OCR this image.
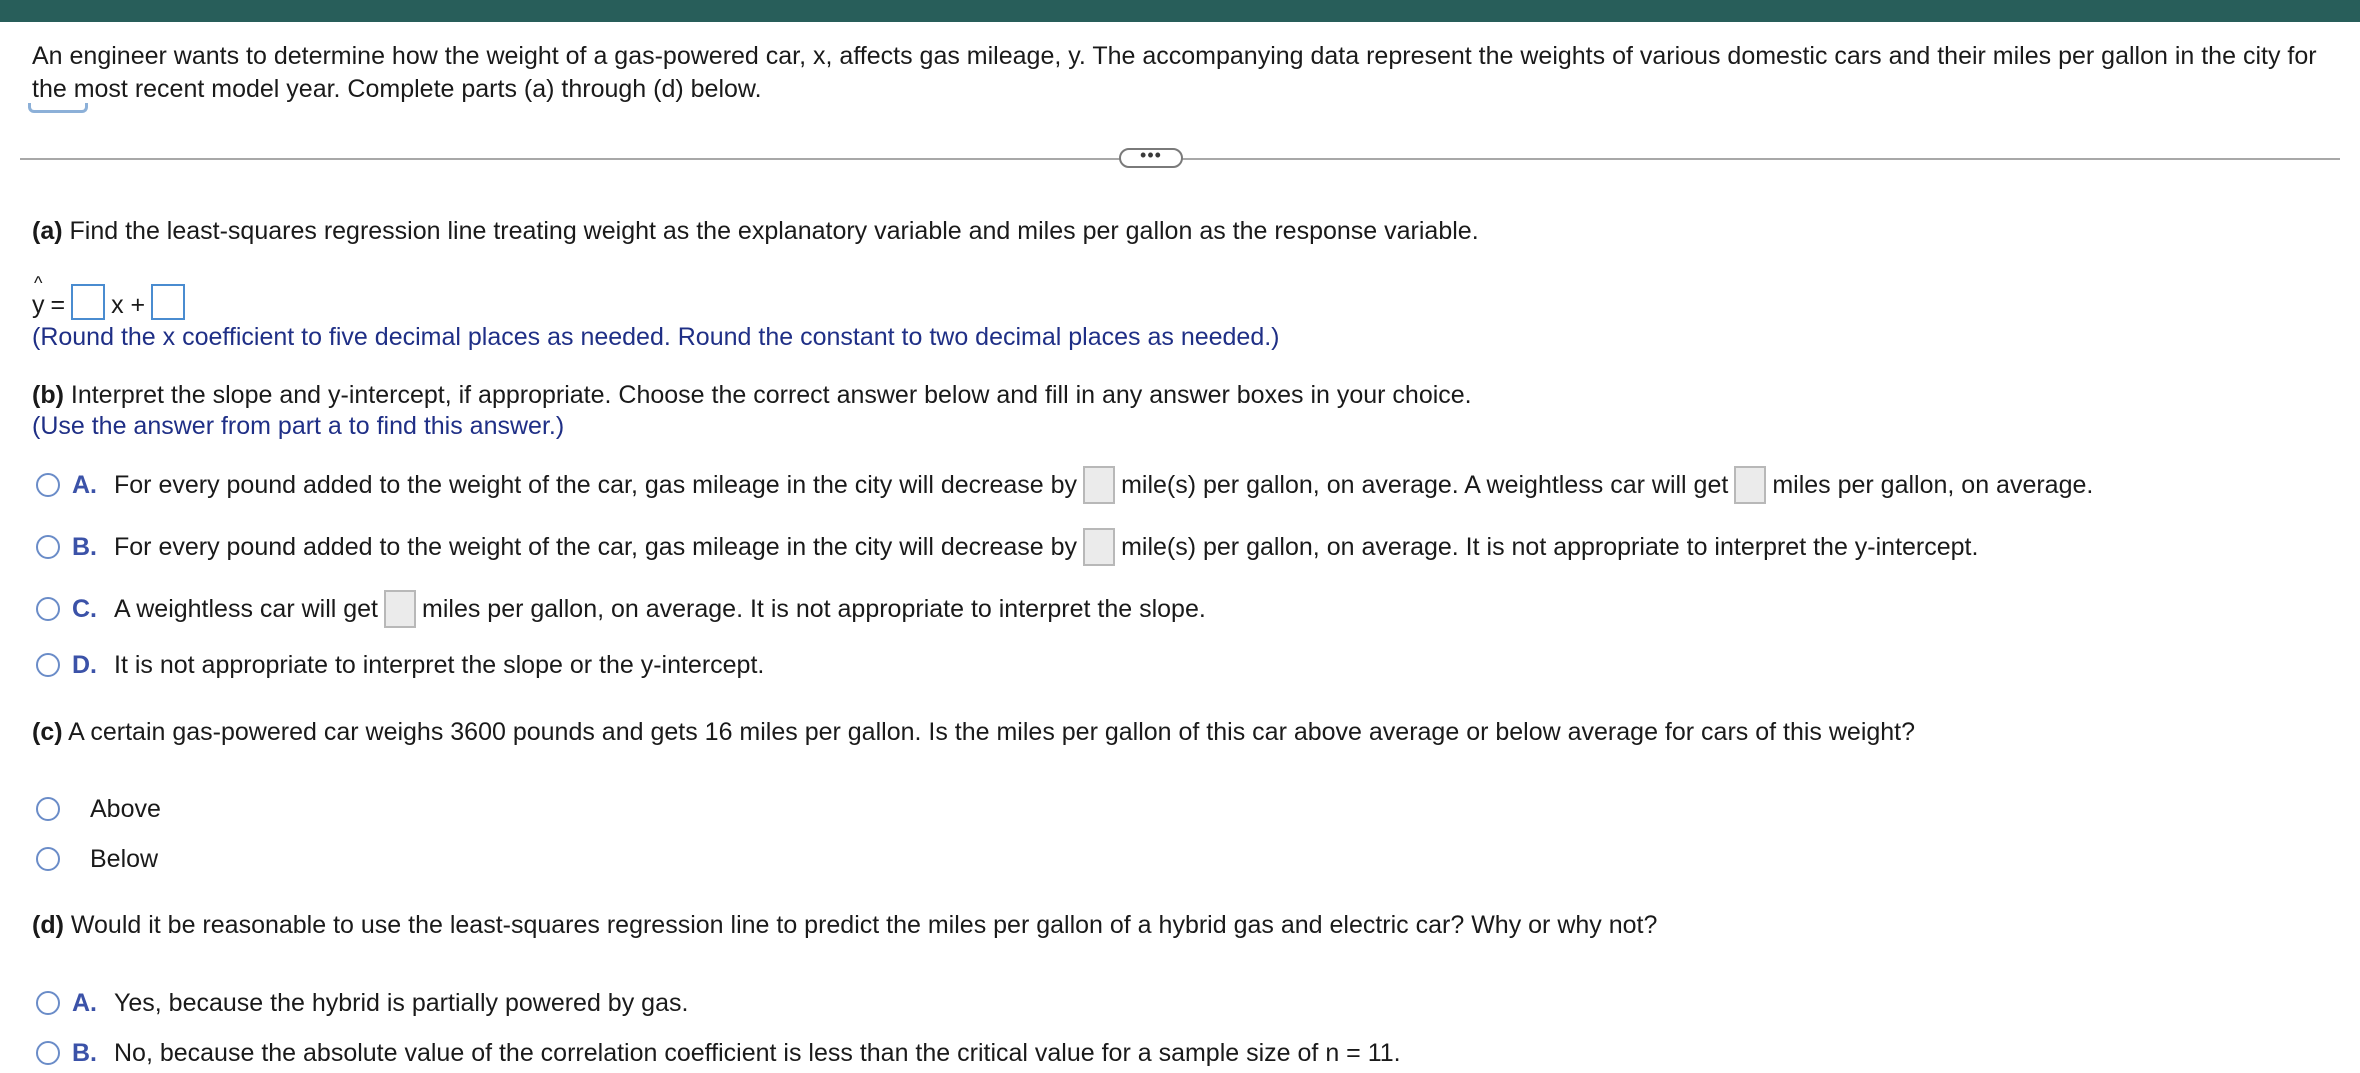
An engineer wants to determine how the weight of a gas-powered car, x, affects gas mileage, y. The accompanying data represent the weights of various domestic cars and their miles per gallon in the city for the most recent model year. Complete parts (a) through (d) below.
•••
(a) Find the least-squares regression line treating weight as the explanatory variable and miles per gallon as the response variable.
^
y = x +
(Round the x coefficient to five decimal places as needed. Round the constant to two decimal places as needed.)
(b) Interpret the slope and y-intercept, if appropriate. Choose the correct answer below and fill in any answer boxes in your choice.
(Use the answer from part a to find this answer.)
A. For every pound added to the weight of the car, gas mileage in the city will decrease by mile(s) per gallon, on average. A weightless car will get miles per gallon, on average.
B. For every pound added to the weight of the car, gas mileage in the city will decrease by mile(s) per gallon, on average. It is not appropriate to interpret the y-intercept.
C. A weightless car will get miles per gallon, on average. It is not appropriate to interpret the slope.
D. It is not appropriate to interpret the slope or the y-intercept.
(c) A certain gas-powered car weighs 3600 pounds and gets 16 miles per gallon. Is the miles per gallon of this car above average or below average for cars of this weight?
Above
Below
(d) Would it be reasonable to use the least-squares regression line to predict the miles per gallon of a hybrid gas and electric car? Why or why not?
A. Yes, because the hybrid is partially powered by gas.
B. No, because the absolute value of the correlation coefficient is less than the critical value for a sample size of n = 11.
